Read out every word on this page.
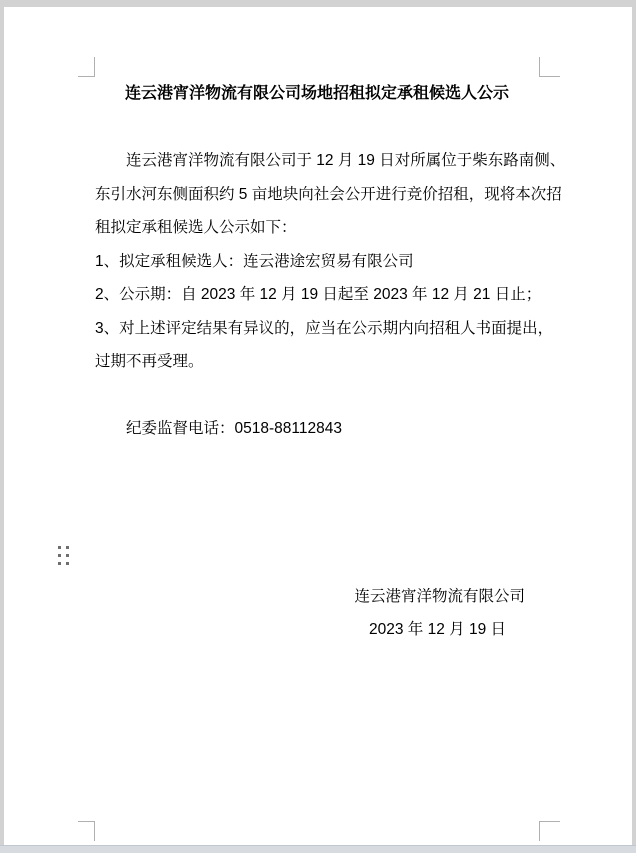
连云港宵洋物流有限公司场地招租拟定承租候选人公示
连云港宵洋物流有限公司于 12 月 19 日对所属位于柴东路南侧、
东引水河东侧面积约 5 亩地块向社会公开进行竞价招租，现将本次招
租拟定承租候选人公示如下：
1、拟定承租候选人：连云港途宏贸易有限公司
2、公示期：自 2023 年 12 月 19 日起至 2023 年 12 月 21 日止；
3、对上述评定结果有异议的，应当在公示期内向招租人书面提出，
过期不再受理。
纪委监督电话：0518-88112843
连云港宵洋物流有限公司
2023 年 12 月 19 日
